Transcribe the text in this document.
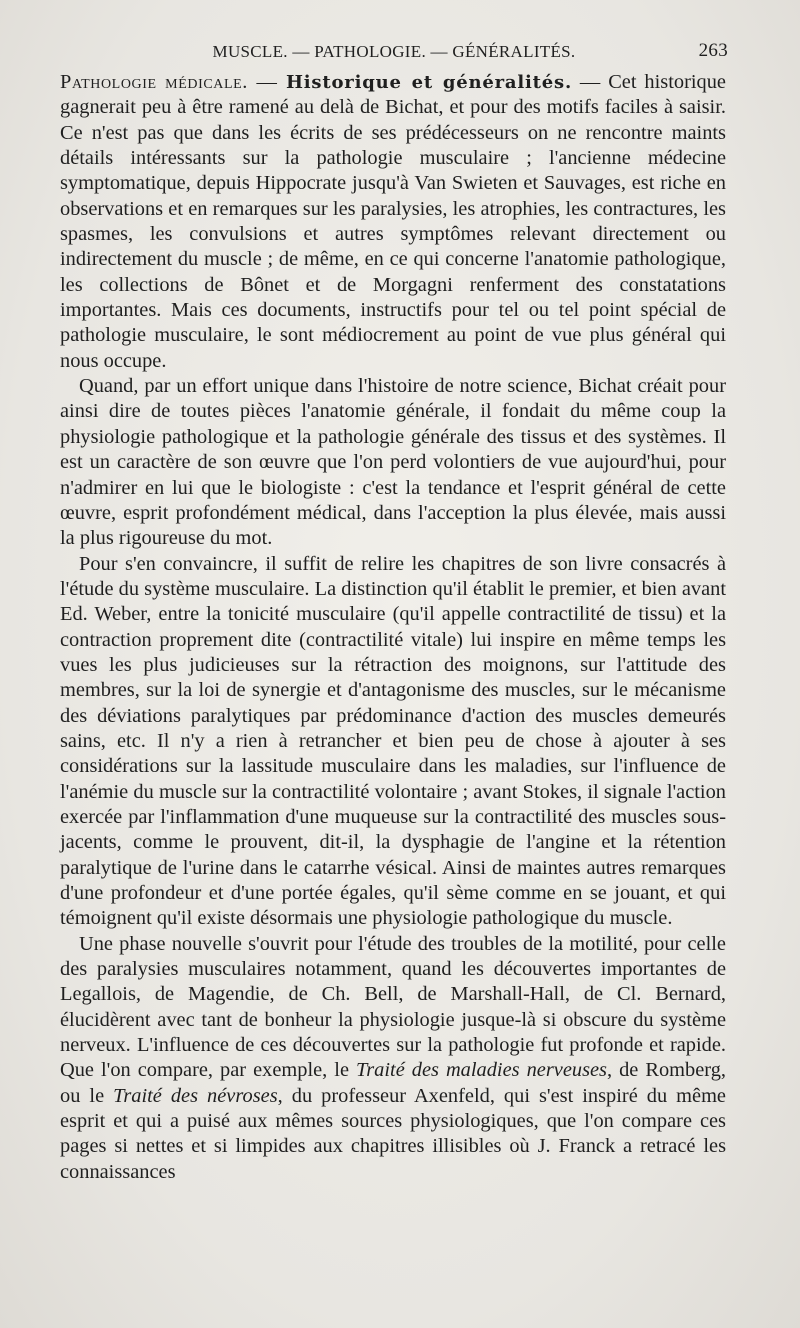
MUSCLE. — PATHOLOGIE. — GÉNÉRALITÉS.	263

Pathologie médicale. — Historique et généralités. — Cet historique gagnerait peu à être ramené au delà de Bichat, et pour des motifs faciles à saisir. Ce n'est pas que dans les écrits de ses prédécesseurs on ne rencontre maints détails intéressants sur la pathologie musculaire ; l'ancienne médecine symptomatique, depuis Hippocrate jusqu'à Van Swieten et Sauvages, est riche en observations et en remarques sur les paralysies, les atrophies, les contractures, les spasmes, les convulsions et autres symptômes relevant directement ou indirectement du muscle ; de même, en ce qui concerne l'anatomie pathologique, les collections de Bônet et de Morgagni renferment des constatations importantes. Mais ces documents, instructifs pour tel ou tel point spécial de pathologie musculaire, le sont médiocrement au point de vue plus général qui nous occupe.

Quand, par un effort unique dans l'histoire de notre science, Bichat créait pour ainsi dire de toutes pièces l'anatomie générale, il fondait du même coup la physiologie pathologique et la pathologie générale des tissus et des systèmes. Il est un caractère de son œuvre que l'on perd volontiers de vue aujourd'hui, pour n'admirer en lui que le biologiste : c'est la tendance et l'esprit général de cette œuvre, esprit profondément médical, dans l'acception la plus élevée, mais aussi la plus rigoureuse du mot.

Pour s'en convaincre, il suffit de relire les chapitres de son livre consacrés à l'étude du système musculaire. La distinction qu'il établit le premier, et bien avant Ed. Weber, entre la tonicité musculaire (qu'il appelle contractilité de tissu) et la contraction proprement dite (contractilité vitale) lui inspire en même temps les vues les plus judicieuses sur la rétraction des moignons, sur l'attitude des membres, sur la loi de synergie et d'antagonisme des muscles, sur le mécanisme des déviations paralytiques par prédominance d'action des muscles demeurés sains, etc. Il n'y a rien à retrancher et bien peu de chose à ajouter à ses considérations sur la lassitude musculaire dans les maladies, sur l'influence de l'anémie du muscle sur la contractilité volontaire ; avant Stokes, il signale l'action exercée par l'inflammation d'une muqueuse sur la contractilité des muscles sous-jacents, comme le prouvent, dit-il, la dysphagie de l'angine et la rétention paralytique de l'urine dans le catarrhe vésical. Ainsi de maintes autres remarques d'une profondeur et d'une portée égales, qu'il sème comme en se jouant, et qui témoignent qu'il existe désormais une physiologie pathologique du muscle.

Une phase nouvelle s'ouvrit pour l'étude des troubles de la motilité, pour celle des paralysies musculaires notamment, quand les découvertes importantes de Legallois, de Magendie, de Ch. Bell, de Marshall-Hall, de Cl. Bernard, élucidèrent avec tant de bonheur la physiologie jusque-là si obscure du système nerveux. L'influence de ces découvertes sur la pathologie fut profonde et rapide. Que l'on compare, par exemple, le Traité des maladies nerveuses, de Romberg, ou le Traité des névroses, du professeur Axenfeld, qui s'est inspiré du même esprit et qui a puisé aux mêmes sources physiologiques, que l'on compare ces pages si nettes et si limpides aux chapitres illisibles où J. Franck a retracé les connaissances
